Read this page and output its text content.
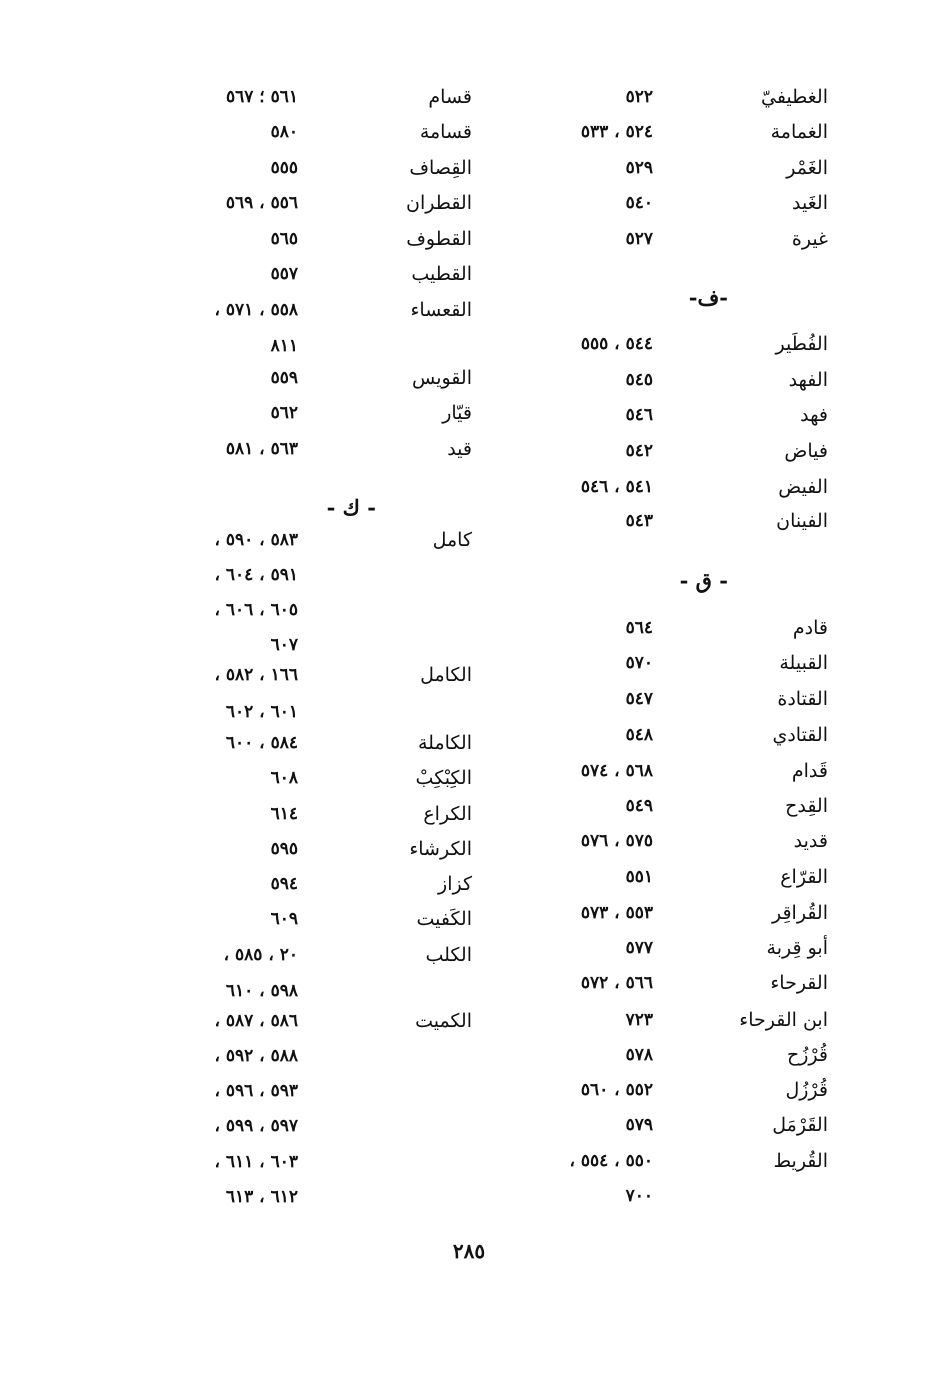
الغطيفيّ
٥٢٢
الغمامة
٥٢٤ ، ٥٣٣
الغَمْر
٥٢٩
الغَيد
٥٤٠
غيرة
٥٢٧
-ف-
الفُطَير
٥٤٤ ، ٥٥٥
الفهد
٥٤٥
فهد
٥٤٦
فياض
٥٤٢
الفيض
٥٤١ ، ٥٤٦
الفينان
٥٤٣
- ق -
قادم
٥٦٤
القبيلة
٥٧٠
القتادة
٥٤٧
القتادي
٥٤٨
قَدام
٥٦٨ ، ٥٧٤
القِدح
٥٤٩
قديد
٥٧٥ ، ٥٧٦
القرّاع
٥٥١
القُراقِر
٥٥٣ ، ٥٧٣
أبو قِربة
٥٧٧
القرحاء
٥٦٦ ، ٥٧٢
ابن القرحاء
٧٢٣
قُرْزُح
٥٧٨
قُرْزُل
٥٥٢ ، ٥٦٠
القَرْمَل
٥٧٩
القُريط
٥٥٠ ، ٥٥٤ ،
٧٠٠
قسام
٥٦١ ؛ ٥٦٧
قسامة
٥٨٠
القِصاف
٥٥٥
القطران
٥٥٦ ، ٥٦٩
القطوف
٥٦٥
القطيب
٥٥٧
القعساء
٥٥٨ ، ٥٧١ ،
٨١١
القويس
٥٥٩
قيّار
٥٦٢
قيد
٥٦٣ ، ٥٨١
- ك -
كامل
٥٨٣ ، ٥٩٠ ،
٥٩١ ، ٦٠٤ ،
٦٠٥ ، ٦٠٦ ،
٦٠٧
الكامل
١٦٦ ، ٥٨٢ ،
٦٠١ ، ٦٠٢
الكاملة
٥٨٤ ، ٦٠٠
الكِبْكِبْ
٦٠٨
الكراع
٦١٤
الكرشاء
٥٩٥
كزاز
٥٩٤
الكَفيت
٦٠٩
الكلب
٢٠ ، ٥٨٥ ،
٥٩٨ ، ٦١٠
الكميت
٥٨٦ ، ٥٨٧ ،
٥٨٨ ، ٥٩٢ ،
٥٩٣ ، ٥٩٦ ،
٥٩٧ ، ٥٩٩ ،
٦٠٣ ، ٦١١ ،
٦١٢ ، ٦١٣
٢٨٥
